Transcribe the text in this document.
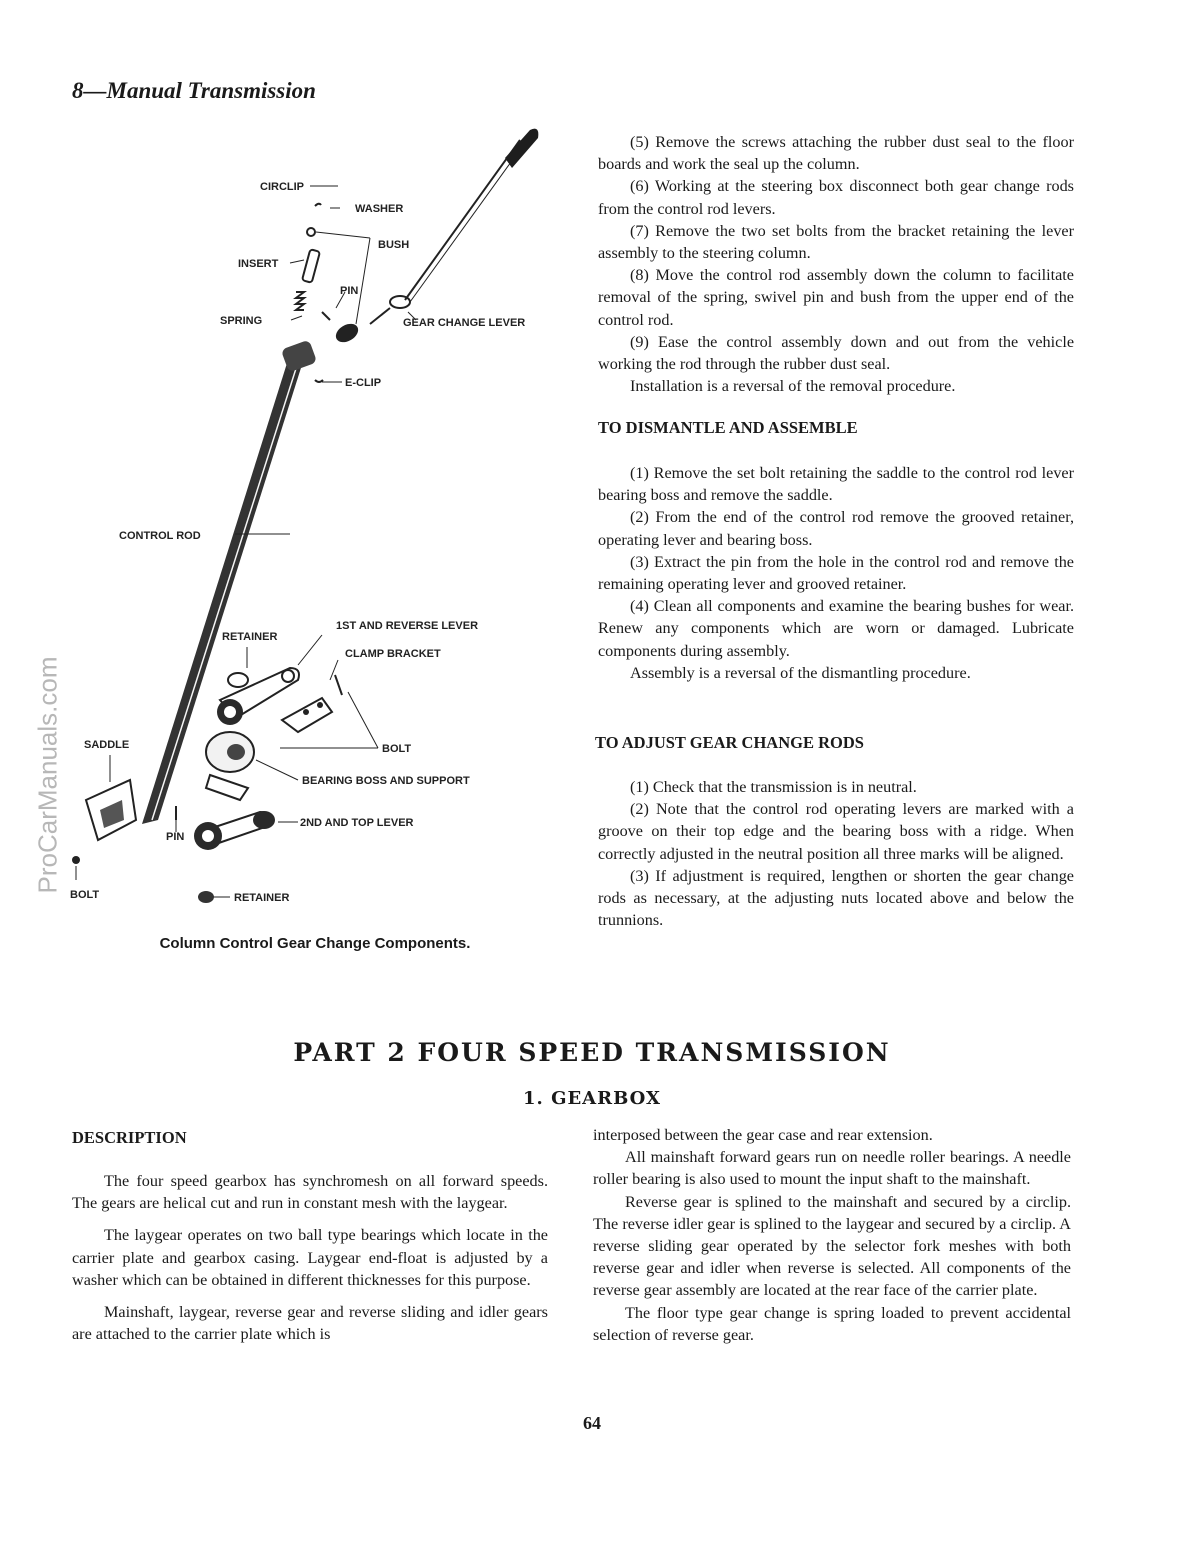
8—Manual Transmission
ProCarManuals.com
CIRCLIP
WASHER
BUSH
INSERT
PIN
SPRING	GEAR CHANGE LEVER
E-CLIP
CONTROL ROD
1ST AND REVERSE LEVER
RETAINER
CLAMP BRACKET
SADDLE	BOLT
BEARING BOSS AND SUPPORT
2ND AND TOP LEVER
PIN
BOLT	RETAINER
Column Control Gear Change Components.

(5) Remove the screws attaching the rubber dust seal to the floor boards and work the seal up the column.

(6) Working at the steering box disconnect both gear change rods from the control rod levers.

(7) Remove the two set bolts from the bracket retaining the lever assembly to the steering column.

(8) Move the control rod assembly down the column to facilitate removal of the spring, swivel pin and bush from the upper end of the control rod.

(9) Ease the control assembly down and out from the vehicle working the rod through the rubber dust seal.

Installation is a reversal of the removal procedure.

TO DISMANTLE AND ASSEMBLE

(1) Remove the set bolt retaining the saddle to the control rod lever bearing boss and remove the saddle.

(2) From the end of the control rod remove the grooved retainer, operating lever and bearing boss.

(3) Extract the pin from the hole in the control rod and remove the remaining operating lever and grooved retainer.

(4) Clean all components and examine the bearing bushes for wear. Renew any components which are worn or damaged. Lubricate components during assembly.

Assembly is a reversal of the dismantling procedure.

TO ADJUST GEAR CHANGE RODS

(1) Check that the transmission is in neutral.

(2) Note that the control rod operating levers are marked with a groove on their top edge and the bearing boss with a ridge. When correctly adjusted in the neutral position all three marks will be aligned.

(3) If adjustment is required, lengthen or shorten the gear change rods as necessary, at the adjusting nuts located above and below the trunnions.

PART 2 FOUR SPEED TRANSMISSION
1. GEARBOX
DESCRIPTION

The four speed gearbox has synchromesh on all forward speeds. The gears are helical cut and run in constant mesh with the laygear.

The laygear operates on two ball type bearings which locate in the carrier plate and gearbox casing. Laygear end-float is adjusted by a washer which can be obtained in different thicknesses for this purpose.

Mainshaft, laygear, reverse gear and reverse sliding and idler gears are attached to the carrier plate which is

interposed between the gear case and rear extension.

All mainshaft forward gears run on needle roller bearings. A needle roller bearing is also used to mount the input shaft to the mainshaft.

Reverse gear is splined to the mainshaft and secured by a circlip. The reverse idler gear is splined to the laygear and secured by a circlip. A reverse sliding gear operated by the selector fork meshes with both reverse gear and idler when reverse is selected. All components of the reverse gear assembly are located at the rear face of the carrier plate.

The floor type gear change is spring loaded to prevent accidental selection of reverse gear.

64
